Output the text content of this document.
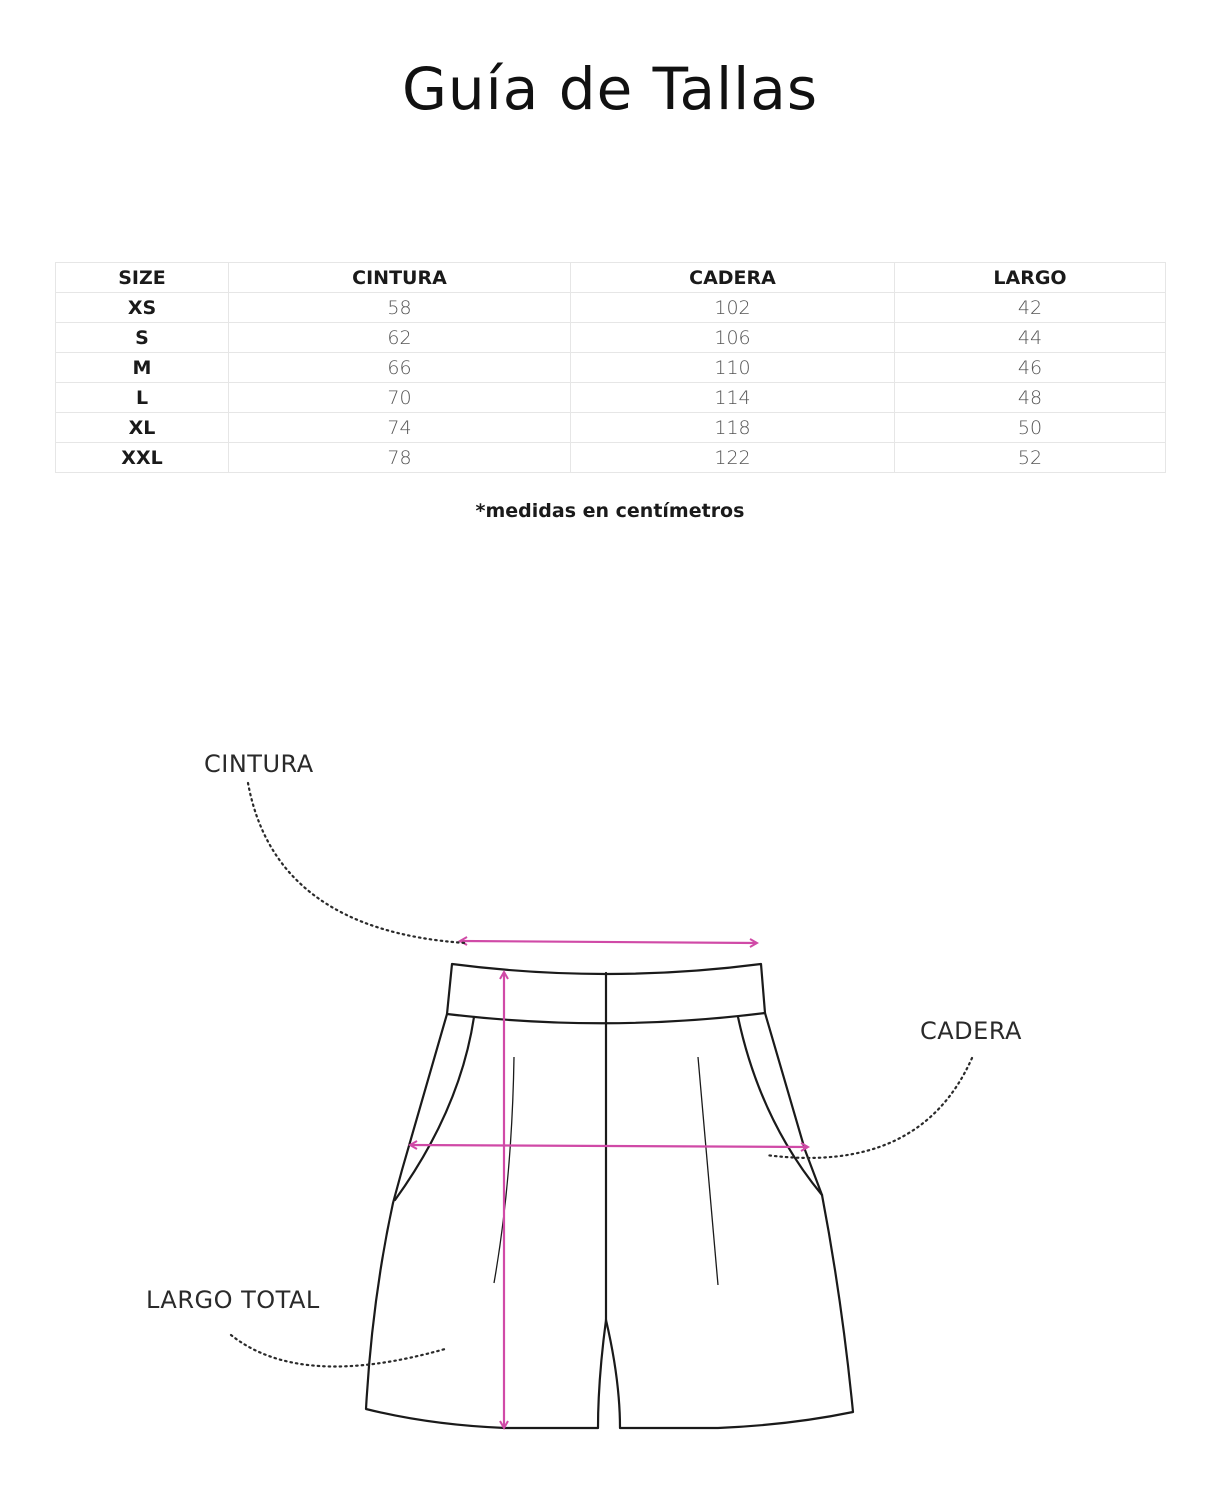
Guía de Tallas
SIZE	CINTURA	CADERA	LARGO
XS	58	102	42
S	62	106	44
M	66	110	46
L	70	114	48
XL	74	118	50
XXL	78	122	52
*medidas en centímetros
CINTURA
CADERA
LARGO TOTAL
